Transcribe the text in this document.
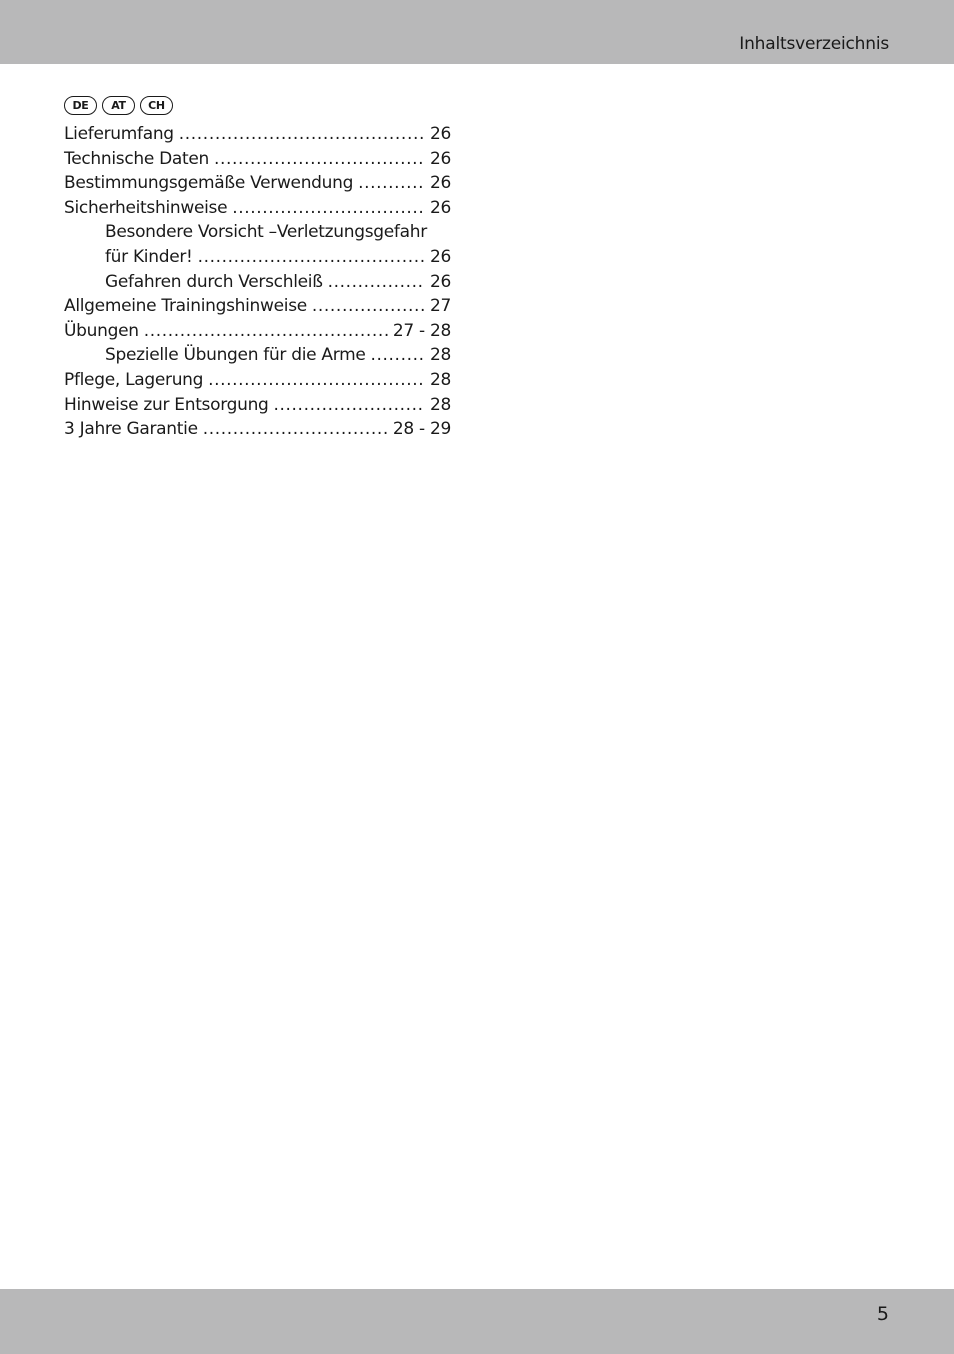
Inhaltsverzeichnis
DE	AT	CH
Lieferumfang .....	26
Technische Daten .....	26
Bestimmungsgemäße Verwendung .....	26
Sicherheitshinweise .....	26
Besondere Vorsicht –Verletzungsgefahr
für Kinder! .....	26
Gefahren durch Verschleiß .....	26
Allgemeine Trainingshinweise .....	27
Übungen .....	27 - 28
Spezielle Übungen für die Arme .....	28
Pflege, Lagerung .....	28
Hinweise zur Entsorgung .....	28
3 Jahre Garantie .....	28 - 29
5
